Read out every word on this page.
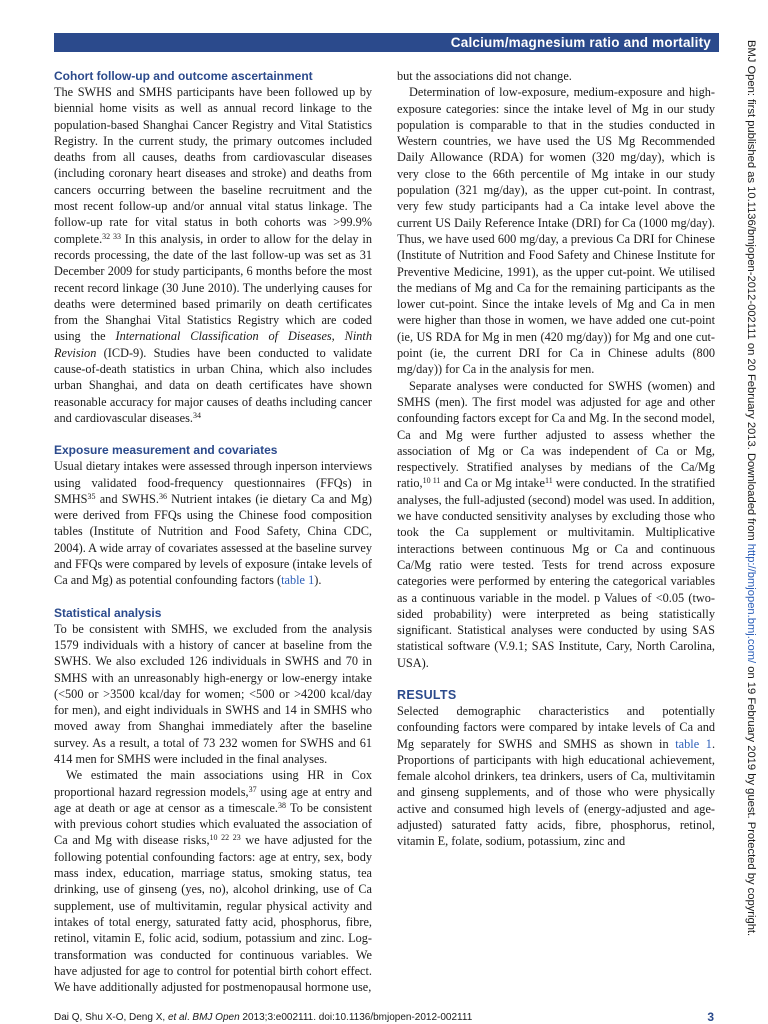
Calcium/magnesium ratio and mortality
Cohort follow-up and outcome ascertainment

The SWHS and SMHS participants have been followed up by biennial home visits as well as annual record linkage to the population-based Shanghai Cancer Registry and Vital Statistics Registry. In the current study, the primary outcomes included deaths from all causes, deaths from cardiovascular diseases (including coronary heart diseases and stroke) and deaths from cancers occurring between the baseline recruitment and the most recent follow-up and/or annual vital status linkage. The follow-up rate for vital status in both cohorts was >99.9% complete.$^{32 33}$ In this analysis, in order to allow for the delay in records processing, the date of the last follow-up was set as 31 December 2009 for study participants, 6 months before the most recent record linkage (30 June 2010). The underlying causes for deaths were determined based primarily on death certificates from the Shanghai Vital Statistics Registry which are coded using the International Classification of Diseases, Ninth Revision (ICD-9). Studies have been conducted to validate cause-of-death statistics in urban China, which also includes urban Shanghai, and data on death certificates have shown reasonable accuracy for major causes of deaths including cancer and cardiovascular diseases.$^{34}$

Exposure measurement and covariates

Usual dietary intakes were assessed through inperson interviews using validated food-frequency questionnaires (FFQs) in SMHS$^{35}$ and SWHS.$^{36}$ Nutrient intakes (ie dietary Ca and Mg) were derived from FFQs using the Chinese food composition tables (Institute of Nutrition and Food Safety, China CDC, 2004). A wide array of covariates assessed at the baseline survey and FFQs were compared by levels of exposure (intake levels of Ca and Mg) as potential confounding factors (table 1).

Statistical analysis

To be consistent with SMHS, we excluded from the analysis 1579 individuals with a history of cancer at baseline from the SWHS. We also excluded 126 individuals in SWHS and 70 in SMHS with an unreasonably high-energy or low-energy intake (<500 or >3500 kcal/day for women; <500 or >4200 kcal/day for men), and eight individuals in SWHS and 14 in SMHS who moved away from Shanghai immediately after the baseline survey. As a result, a total of 73 232 women for SWHS and 61 414 men for SMHS were included in the final analyses.

We estimated the main associations using HR in Cox proportional hazard regression models,$^{37}$ using age at entry and age at death or age at censor as a timescale.$^{38}$ To be consistent with previous cohort studies which evaluated the association of Ca and Mg with disease risks,$^{10 22 23}$ we have adjusted for the following potential confounding factors: age at entry, sex, body mass index, education, marriage status, smoking status, tea drinking, use of ginseng (yes, no), alcohol drinking, use of Ca supplement, use of multivitamin, regular physical activity and intakes of total energy, saturated fatty acid, phosphorus, fibre, retinol, vitamin E, folic acid, sodium, potassium and zinc. Log-transformation was conducted for continuous variables. We have adjusted for age to control for potential birth cohort effect. We have additionally adjusted for postmenopausal hormone use,

but the associations did not change.

Determination of low-exposure, medium-exposure and high-exposure categories: since the intake level of Mg in our study population is comparable to that in the studies conducted in Western countries, we have used the US Mg Recommended Daily Allowance (RDA) for women (320 mg/day), which is very close to the 66th percentile of Mg intake in our study population (321 mg/day), as the upper cut-point. In contrast, very few study participants had a Ca intake level above the current US Daily Reference Intake (DRI) for Ca (1000 mg/day). Thus, we have used 600 mg/day, a previous Ca DRI for Chinese (Institute of Nutrition and Food Safety and Chinese Institute for Preventive Medicine, 1991), as the upper cut-point. We utilised the medians of Mg and Ca for the remaining participants as the lower cut-point. Since the intake levels of Mg and Ca in men were higher than those in women, we have added one cut-point (ie, US RDA for Mg in men (420 mg/day)) for Mg and one cut-point (ie, the current DRI for Ca in Chinese adults (800 mg/day)) for Ca in the analysis for men.

Separate analyses were conducted for SWHS (women) and SMHS (men). The first model was adjusted for age and other confounding factors except for Ca and Mg. In the second model, Ca and Mg were further adjusted to assess whether the association of Mg or Ca was independent of Ca or Mg, respectively. Stratified analyses by medians of the Ca/Mg ratio,$^{10 11}$ and Ca or Mg intake$^{11}$ were conducted. In the stratified analyses, the full-adjusted (second) model was used. In addition, we have conducted sensitivity analyses by excluding those who took the Ca supplement or multivitamin. Multiplicative interactions between continuous Mg or Ca and continuous Ca/Mg ratio were tested. Tests for trend across exposure categories were performed by entering the categorical variables as a continuous variable in the model. p Values of <0.05 (two-sided probability) were interpreted as being statistically significant. Statistical analyses were conducted by using SAS statistical software (V.9.1; SAS Institute, Cary, North Carolina, USA).

RESULTS

Selected demographic characteristics and potentially confounding factors were compared by intake levels of Ca and Mg separately for SWHS and SMHS as shown in table 1. Proportions of participants with high educational achievement, female alcohol drinkers, tea drinkers, users of Ca, multivitamin and ginseng supplements, and of those who were physically active and consumed high levels of (energy-adjusted and age-adjusted) saturated fatty acids, fibre, phosphorus, retinol, vitamin E, folate, sodium, potassium, zinc and

BMJ Open: first published as 10.1136/bmjopen-2012-002111 on 20 February 2013. Downloaded from http://bmjopen.bmj.com/ on 19 February 2019 by guest. Protected by copyright.
Dai Q, Shu X-O, Deng X, et al. BMJ Open 2013;3:e002111. doi:10.1136/bmjopen-2012-002111	3
